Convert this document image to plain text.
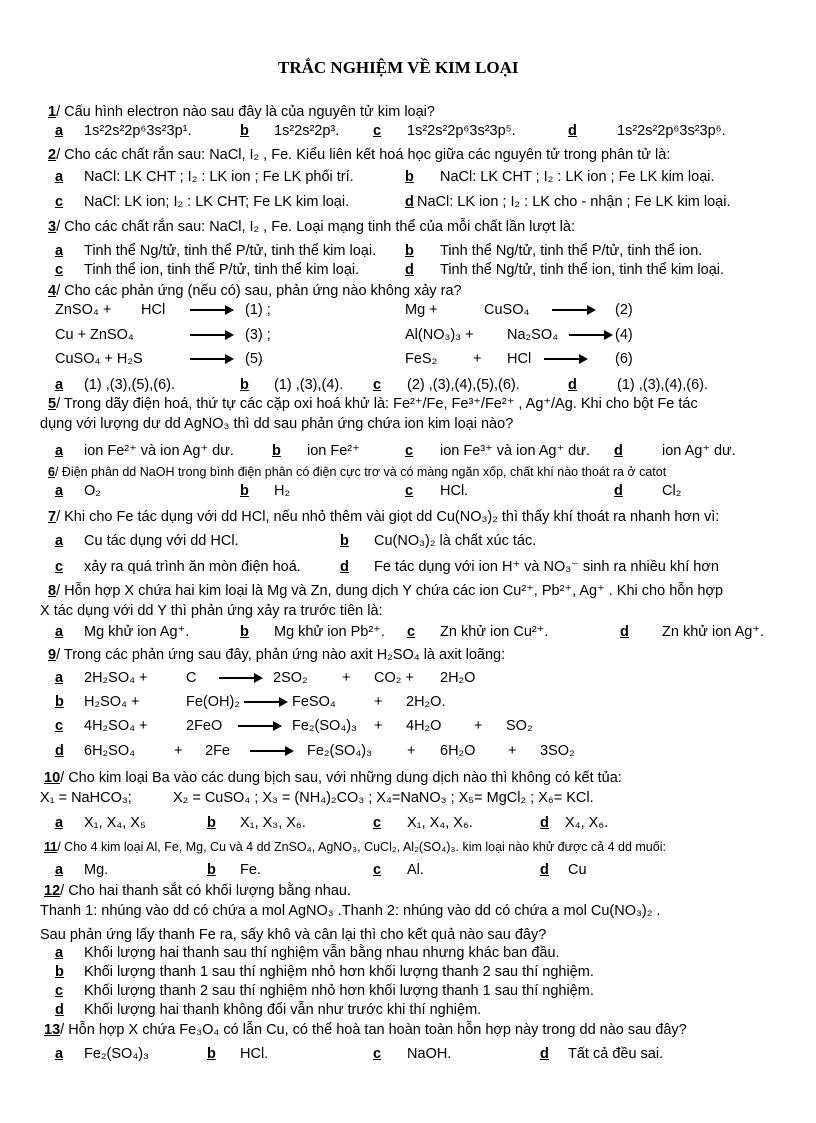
TRẮC NGHIỆM VỀ KIM LOẠI
1/ Cấu hình electron nào sau đây là của nguyên tử kim loại?
a 1s²2s²2p⁶3s²3p¹.	b 1s²2s²2p³. c 1s²2s²2p⁶3s²3p⁵.	d	1s²2s²2p⁶3s²3p⁶.
2/ Cho các chất rắn sau: NaCl, I₂ , Fe. Kiểu liên kết hoá học giữa các nguyên tử trong phân tử là:
a NaCl: LK CHT ; I₂ : LK ion ; Fe LK phối trí.	b NaCl: LK CHT ; I₂ : LK ion ; Fe LK kim loại.
c NaCl: LK ion; I₂ : LK CHT; Fe LK kim loại.	d NaCl: LK ion ; I₂ : LK cho - nhận ; Fe LK kim loại.
3/ Cho các chất rắn sau: NaCl, I₂ , Fe. Loại mạng tinh thể của mỗi chất lần lượt là:
a Tinh thể Ng/tử, tinh thể P/tử, tinh thể kim loại. b Tinh thể Ng/tử, tinh thể P/tử, tinh thể ion.
c Tinh thể ion, tinh thể P/tử, tinh thể kim loại.	d Tinh thể Ng/tử, tinh thể ion, tinh thể kim loại.
4/ Cho các phản ứng (nếu có) sau, phản ứng nào không xảy ra?
ZnSO₄ + HCl	(1) ;	Mg +	CuSO₄	(2)
Cu + ZnSO₄	(3) ;	Al(NO₃)₃ + Na₂SO₄	(4)
CuSO₄ + H₂S	(5)	FeS₂ + HCl	(6)
a (1) ,(3),(5),(6).	b (1) ,(3),(4). c (2) ,(3),(4),(5),(6).	d	(1) ,(3),(4),(6).
5/ Trong dãy điện hoá, thứ tự các cặp oxi hoá khử là: Fe²⁺/Fe, Fe³⁺/Fe²⁺ , Ag⁺/Ag. Khi cho bột Fe tác
dụng với lượng dư dd AgNO₃ thì dd sau phản ứng chứa ion kim loại nào?
a ion Fe²⁺ và ion Ag⁺ dư.	b ion Fe²⁺	c ion Fe³⁺ và ion Ag⁺ dư. d	ion Ag⁺ dư.
6/ Điện phân dd NaOH trong bình điện phân có điện cực trơ và có màng ngăn xốp, chất khí nào thoát ra ở catot
a O₂	b H₂	c HCl.	d	Cl₂
7/ Khi cho Fe tác dụng với dd HCl, nếu nhỏ thêm vài giọt dd Cu(NO₃)₂ thì thấy khí thoát ra nhanh hơn vì:
a Cu tác dụng với dd HCl.	b Cu(NO₃)₂ là chất xúc tác.
c xảy ra quá trình ăn mòn điện hoá.	d Fe tác dụng với ion H⁺ và NO₃⁻ sinh ra nhiều khí hơn
8/ Hỗn hợp X chứa hai kim loại là Mg và Zn, dung dịch Y chứa các ion Cu²⁺, Pb²⁺, Ag⁺ . Khi cho hỗn hợp
X tác dụng với dd Y thì phản ứng xảy ra trước tiên là:
a Mg khử ion Ag⁺.	b Mg khử ion Pb²⁺. c Zn khử ion Cu²⁺.	d Zn khử ion Ag⁺.
9/ Trong các phản ứng sau đây, phản ứng nào axit H₂SO₄ là axit loãng:
a 2H₂SO₄ +	C	2SO₂ + CO₂ + 2H₂O
b H₂SO₄ +	Fe(OH)₂	FeSO₄	+ 2H₂O.
c 4H₂SO₄ +	2FeO	Fe₂(SO₄)₃ + 4H₂O + SO₂
d 6H₂SO₄	+ 2Fe	Fe₂(SO₄)₃ + 6H₂O + 3SO₂
10/ Cho kim loại Ba vào các dung bịch sau, với những dung dịch nào thì không có kết tủa:
X₁ = NaHCO₃;	X₂ = CuSO₄ ; X₃ = (NH₄)₂CO₃ ; X₄=NaNO₃ ; X₅= MgCl₂ ; X₆= KCl.
a X₁, X₄, X₅	b X₁, X₃, X₆.	c X₁, X₄, X₆.	d X₄, X₆.
11/ Cho 4 kim loại Al, Fe, Mg, Cu và 4 dd ZnSO₄, AgNO₃, CuCl₂, Al₂(SO₄)₃. kim loại nào khử được cả 4 dd muối:
a Mg.	b Fe.	c Al.	d Cu
12/ Cho hai thanh sắt có khối lượng bằng nhau.
Thanh 1: nhúng vào dd có chứa a mol AgNO₃ .Thanh 2: nhúng vào dd có chứa a mol Cu(NO₃)₂ .
Sau phản ứng lấy thanh Fe ra, sấy khô và cân lại thì cho kết quả nào sau đây?
a Khối lượng hai thanh sau thí nghiệm vẫn bằng nhau nhưng khác ban đầu.
b Khối lượng thanh 1 sau thí nghiệm nhỏ hơn khối lượng thanh 2 sau thí nghiệm.
c Khối lượng thanh 2 sau thí nghiệm nhỏ hơn khối lượng thanh 1 sau thí nghiệm.
d Khối lượng hai thanh không đổi vẫn như trước khi thí nghiệm.
13/ Hỗn hợp X chứa Fe₃O₄ có lẫn Cu, có thể hoà tan hoàn toàn hỗn hợp này trong dd nào sau đây?
a Fe₂(SO₄)₃	b HCl.	c NaOH.	d Tất cả đều sai.
